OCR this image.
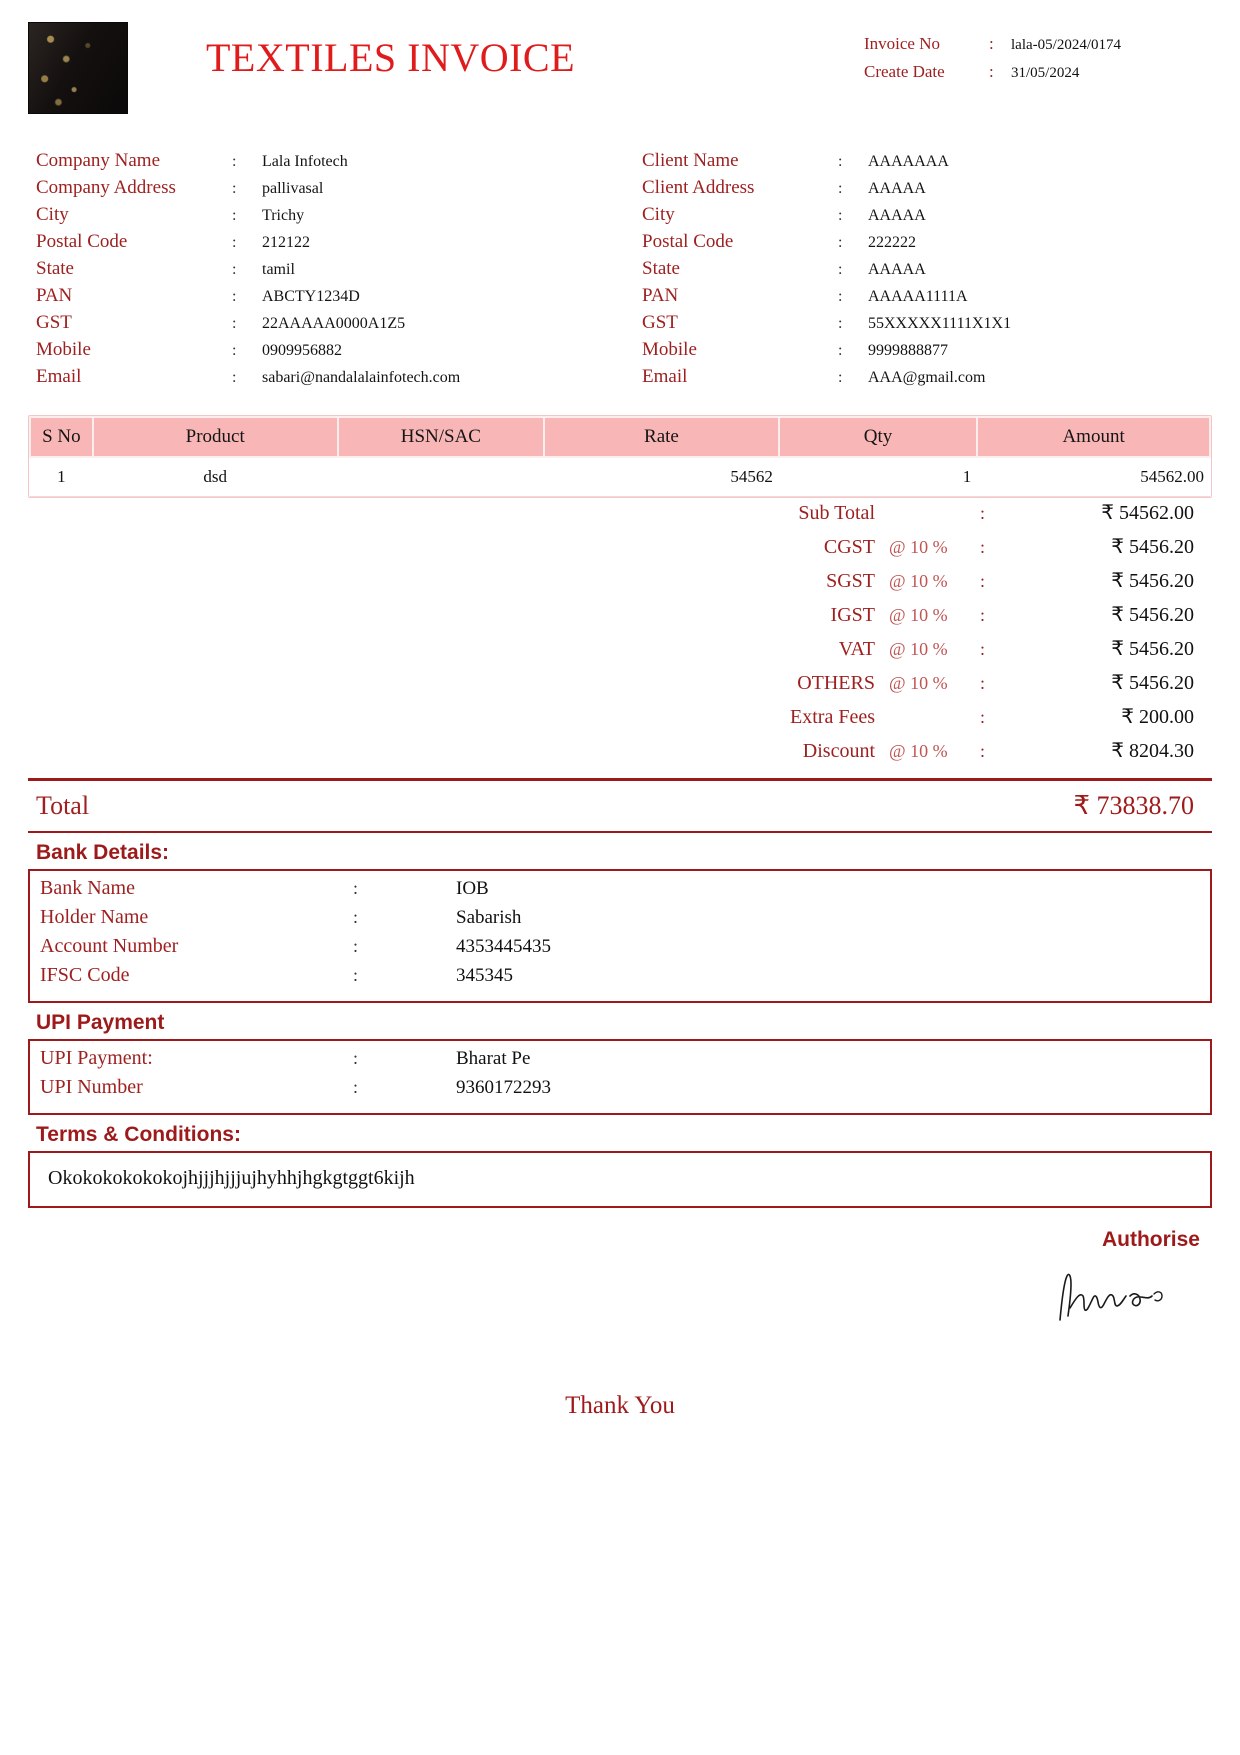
TEXTILES INVOICE	Invoice No	:	lala-05/2024/0174
Create Date	:	31/05/2024
Company Name	:	Lala Infotech
Company Address	:	pallivasal
City	:	Trichy
Postal Code	:	212122
State	:	tamil
PAN	:	ABCTY1234D
GST	:	22AAAAA0000A1Z5
Mobile	:	0909956882
Email	:	sabari@nandalalainfotech.com
Client Name	:	AAAAAAA
Client Address	:	AAAAA
City	:	AAAAA
Postal Code	:	222222
State	:	AAAAA
PAN	:	AAAAA1111A
GST	:	55XXXXX1111X1X1
Mobile	:	9999888877
Email	:	AAA@gmail.com
S No	Product	HSN/SAC	Rate	Qty	Amount
1	dsd		54562	1	54562.00
Sub Total	:	₹ 54562.00
CGST @ 10 %	:	₹ 5456.20
SGST @ 10 %	:	₹ 5456.20
IGST @ 10 %	:	₹ 5456.20
VAT @ 10 %	:	₹ 5456.20
OTHERS @ 10 %	:	₹ 5456.20
Extra Fees	:	₹ 200.00
Discount @ 10 %	:	₹ 8204.30
Total	₹ 73838.70
Bank Details:
Bank Name	:	IOB
Holder Name	:	Sabarish
Account Number	:	4353445435
IFSC Code	:	345345
UPI Payment
UPI Payment:	:	Bharat Pe
UPI Number	:	9360172293
Terms & Conditions:
Okokokokokokojhjjjhjjjujhyhhjhgkgtggt6kijh
Authorise
Thank You
